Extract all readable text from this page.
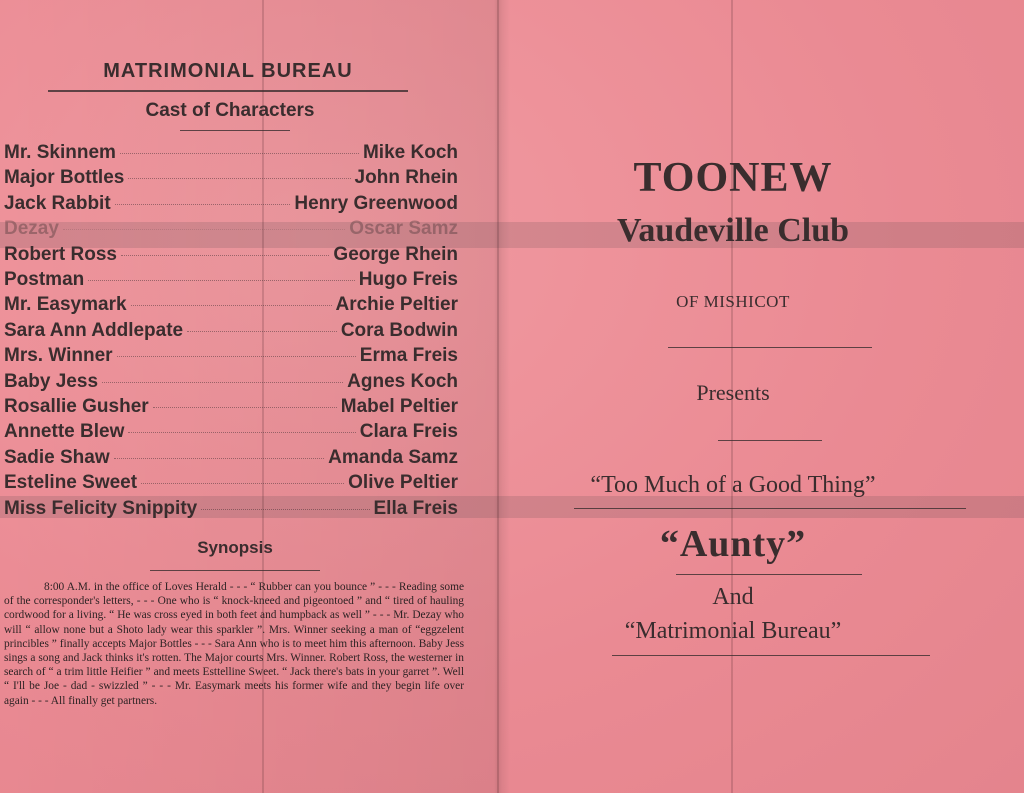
MATRIMONIAL BUREAU
Cast of Characters
Mr. Skinnem	Mike Koch
Major Bottles	John Rhein
Jack Rabbit	Henry Greenwood
Dezay	Oscar Samz
Robert Ross	George Rhein
Postman	Hugo Freis
Mr. Easymark	Archie Peltier
Sara Ann Addlepate	Cora Bodwin
Mrs. Winner	Erma Freis
Baby Jess	Agnes Koch
Rosallie Gusher	Mabel Peltier
Annette Blew	Clara Freis
Sadie Shaw	Amanda Samz
Esteline Sweet	Olive Peltier
Miss Felicity Snippity	Ella Freis
Synopsis
8:00 A.M. in the office of Loves Herald - - - “ Rubber can you bounce ” - - - Reading some of the corresponder's letters, - - - One who is “ knock-kneed and pigeontoed ” and “ tired of hauling cordwood for a living. “ He was cross eyed in both feet and humpback as well ” - - - Mr. Dezay who will “ allow none but a Shoto lady wear this sparkler ”. Mrs. Winner seeking a man of “eggzelent princibles ” finally accepts Major Bottles - - - Sara Ann who is to meet him this afternoon. Baby Jess sings a song and Jack thinks it's rotten. The Major courts Mrs. Winner. Robert Ross, the westerner in search of “ a trim little Heifier ” and meets Esttelline Sweet. “ Jack there's bats in your garret ”. Well “ I'll be Joe - dad - swizzled ” - - - Mr. Easymark meets his former wife and they begin life over again - - - All finally get partners.
TOONEW
Vaudeville Club
OF MISHICOT
Presents
“Too Much of a Good Thing”
“Aunty”
And
“Matrimonial Bureau”
